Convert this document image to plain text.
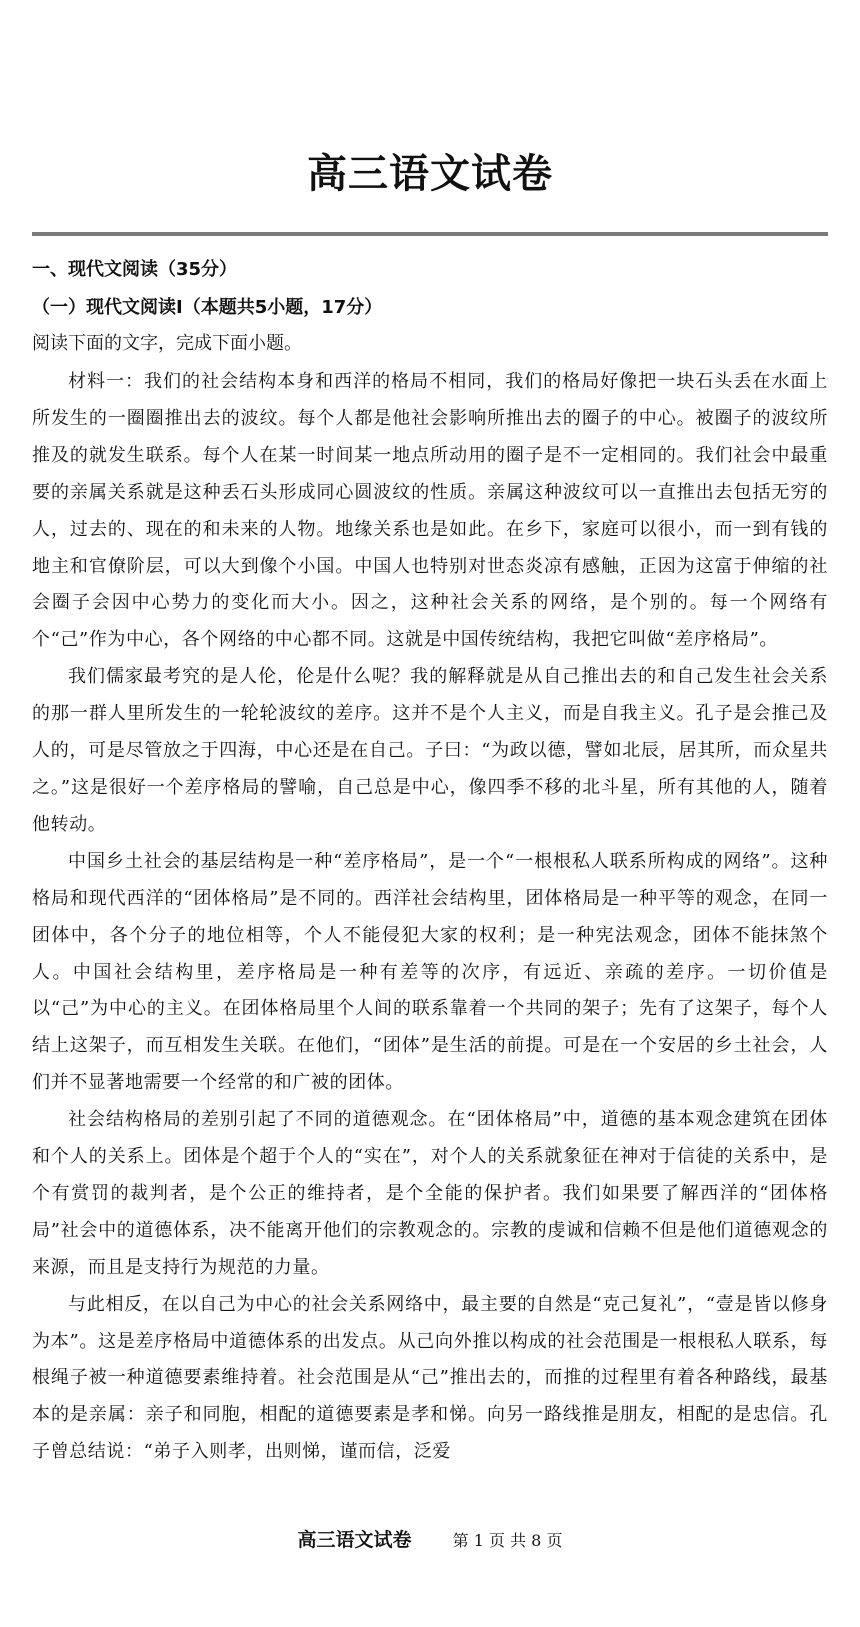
高三语文试卷
一、现代文阅读（35分）
（一）现代文阅读Ⅰ（本题共5小题，17分）
阅读下面的文字，完成下面小题。

材料一：我们的社会结构本身和西洋的格局不相同，我们的格局好像把一块石头丢在水面上所发生的一圈圈推出去的波纹。每个人都是他社会影响所推出去的圈子的中心。被圈子的波纹所推及的就发生联系。每个人在某一时间某一地点所动用的圈子是不一定相同的。我们社会中最重要的亲属关系就是这种丢石头形成同心圆波纹的性质。亲属这种波纹可以一直推出去包括无穷的人，过去的、现在的和未来的人物。地缘关系也是如此。在乡下，家庭可以很小，而一到有钱的地主和官僚阶层，可以大到像个小国。中国人也特别对世态炎凉有感触，正因为这富于伸缩的社会圈子会因中心势力的变化而大小。因之，这种社会关系的网络，是个别的。每一个网络有个“己”作为中心，各个网络的中心都不同。这就是中国传统结构，我把它叫做“差序格局”。

我们儒家最考究的是人伦，伦是什么呢？我的解释就是从自己推出去的和自己发生社会关系的那一群人里所发生的一轮轮波纹的差序。这并不是个人主义，而是自我主义。孔子是会推己及人的，可是尽管放之于四海，中心还是在自己。子曰：“为政以德，譬如北辰，居其所，而众星共之。”这是很好一个差序格局的譬喻，自己总是中心，像四季不移的北斗星，所有其他的人，随着他转动。

中国乡土社会的基层结构是一种“差序格局”，是一个“一根根私人联系所构成的网络”。这种格局和现代西洋的“团体格局”是不同的。西洋社会结构里，团体格局是一种平等的观念，在同一团体中，各个分子的地位相等，个人不能侵犯大家的权利；是一种宪法观念，团体不能抹煞个人。中国社会结构里，差序格局是一种有差等的次序，有远近、亲疏的差序。一切价值是以“己”为中心的主义。在团体格局里个人间的联系靠着一个共同的架子；先有了这架子，每个人结上这架子，而互相发生关联。在他们，“团体”是生活的前提。可是在一个安居的乡土社会，人们并不显著地需要一个经常的和广被的团体。

社会结构格局的差别引起了不同的道德观念。在“团体格局”中，道德的基本观念建筑在团体和个人的关系上。团体是个超于个人的“实在”，对个人的关系就象征在神对于信徒的关系中，是个有赏罚的裁判者，是个公正的维持者，是个全能的保护者。我们如果要了解西洋的“团体格局”社会中的道德体系，决不能离开他们的宗教观念的。宗教的虔诚和信赖不但是他们道德观念的来源，而且是支持行为规范的力量。

与此相反，在以自己为中心的社会关系网络中，最主要的自然是“克己复礼”，“壹是皆以修身为本”。这是差序格局中道德体系的出发点。从己向外推以构成的社会范围是一根根私人联系，每根绳子被一种道德要素维持着。社会范围是从“己”推出去的，而推的过程里有着各种路线，最基本的是亲属：亲子和同胞，相配的道德要素是孝和悌。向另一路线推是朋友，相配的是忠信。孔子曾总结说：“弟子入则孝，出则悌，谨而信，泛爱

高三语文试卷	第 1 页 共 8 页
